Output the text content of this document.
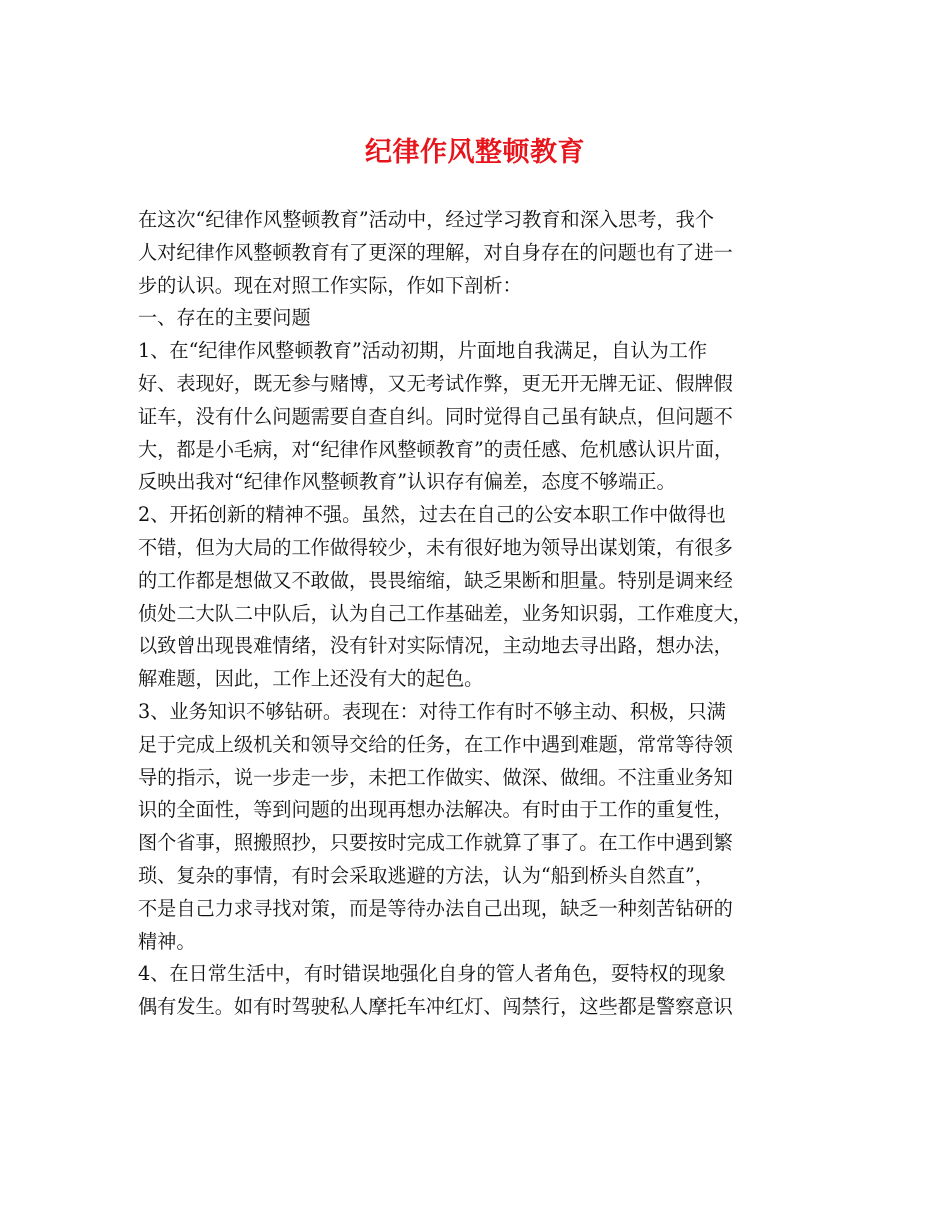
纪律作风整顿教育
在这次“纪律作风整顿教育”活动中，经过学习教育和深入思考，我个
人对纪律作风整顿教育有了更深的理解，对自身存在的问题也有了进一
步的认识。现在对照工作实际，作如下剖析：
一、存在的主要问题
1、在“纪律作风整顿教育”活动初期，片面地自我满足，自认为工作
好、表现好，既无参与赌博，又无考试作弊，更无开无牌无证、假牌假
证车，没有什么问题需要自查自纠。同时觉得自己虽有缺点，但问题不
大，都是小毛病，对“纪律作风整顿教育”的责任感、危机感认识片面，
反映出我对“纪律作风整顿教育”认识存有偏差，态度不够端正。
2、开拓创新的精神不强。虽然，过去在自己的公安本职工作中做得也
不错，但为大局的工作做得较少，未有很好地为领导出谋划策，有很多
的工作都是想做又不敢做，畏畏缩缩，缺乏果断和胆量。特别是调来经
侦处二大队二中队后，认为自己工作基础差，业务知识弱，工作难度大，
以致曾出现畏难情绪，没有针对实际情况，主动地去寻出路，想办法，
解难题，因此，工作上还没有大的起色。
3、业务知识不够钻研。表现在：对待工作有时不够主动、积极，只满
足于完成上级机关和领导交给的任务，在工作中遇到难题，常常等待领
导的指示，说一步走一步，未把工作做实、做深、做细。不注重业务知
识的全面性，等到问题的出现再想办法解决。有时由于工作的重复性，
图个省事，照搬照抄，只要按时完成工作就算了事了。在工作中遇到繁
琐、复杂的事情，有时会采取逃避的方法，认为“船到桥头自然直”，
不是自己力求寻找对策，而是等待办法自己出现，缺乏一种刻苦钻研的
精神。
4、在日常生活中，有时错误地强化自身的管人者角色，耍特权的现象
偶有发生。如有时驾驶私人摩托车冲红灯、闯禁行，这些都是警察意识
